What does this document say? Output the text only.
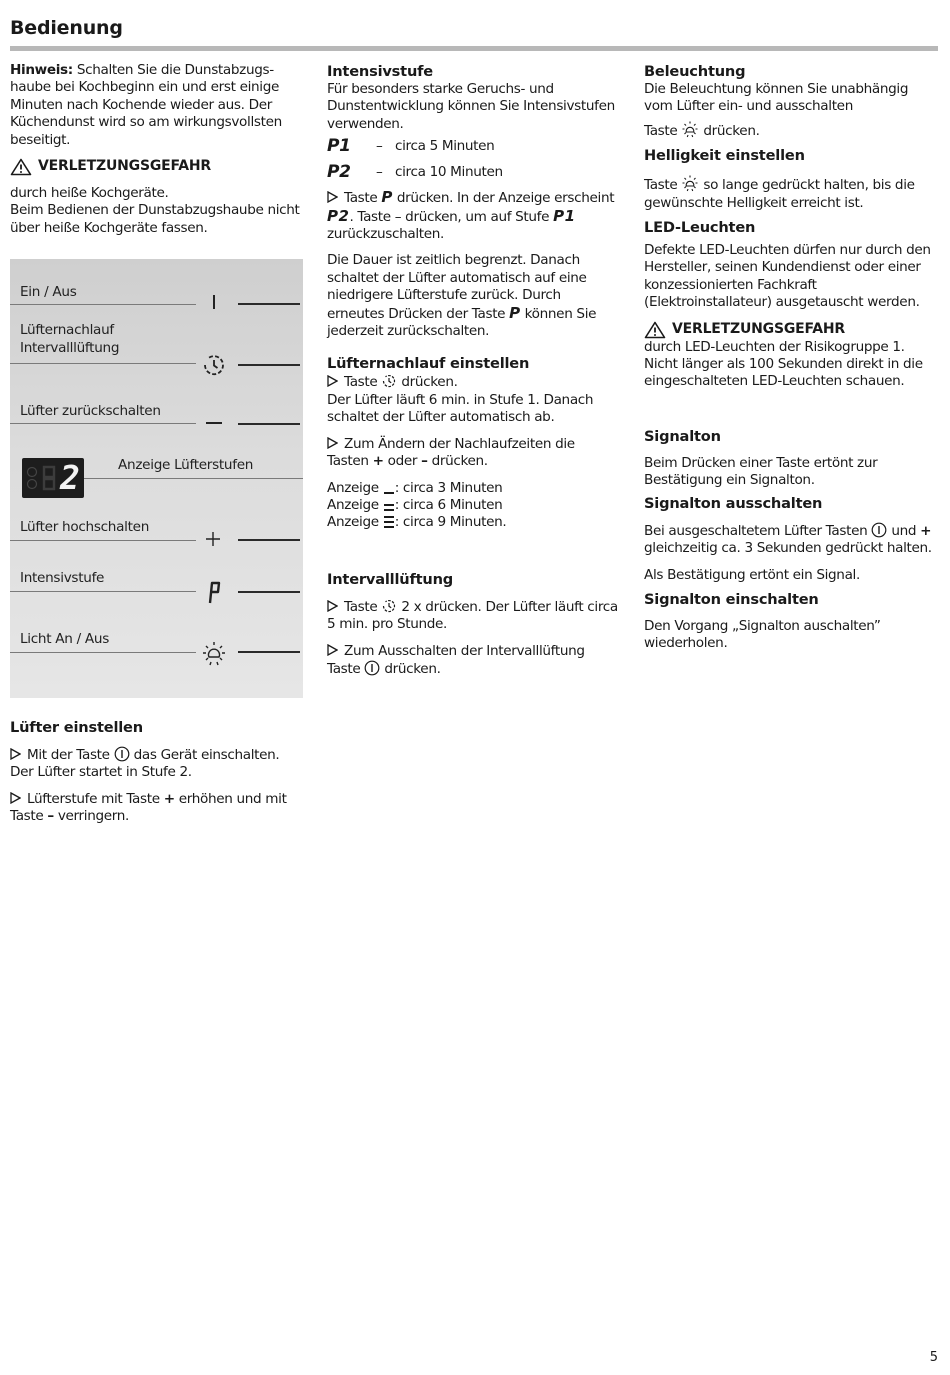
Bedienung

Hinweis: Schalten Sie die Dunstabzugs-haube bei Kochbeginn ein und erst einige Minuten nach Kochende wieder aus. Der Küchendunst wird so am wirkungsvollsten beseitigt.

VERLETZUNGSGEFAHR

durch heiße Kochgeräte.

Beim Bedienen der Dunstabzugshaube nicht über heiße Kochgeräte fassen.

Ein / Aus
Lüfternachlauf
Intervalllüftung
Lüfter zurückschalten
2	Anzeige Lüfterstufen
Lüfter hochschalten
Intensivstufe
Licht An / Aus
Lüfter einstellen

Mit der Taste  das Gerät einschalten. Der Lüfter startet in Stufe 2.

Lüfterstufe mit Taste + erhöhen und mit Taste – verringern.

Intensivstufe

Für besonders starke Geruchs- und Dunstentwicklung können Sie Intensivstufen verwenden.

P1	– circa 5 Minuten
P2	– circa 10 Minuten

Taste P drücken. In der Anzeige erscheint P2. Taste – drücken, um auf Stufe P1 zurückzuschalten.

Die Dauer ist zeitlich begrenzt. Danach schaltet der Lüfter automatisch auf eine niedrigere Lüfterstufe zurück. Durch erneutes Drücken der Taste P können Sie jederzeit zurückschalten.

Lüfternachlauf einstellen

Taste  drücken.

Der Lüfter läuft 6 min. in Stufe 1. Danach schaltet der Lüfter automatisch ab.

Zum Ändern der Nachlaufzeiten die Tasten + oder – drücken.

Anzeige : circa 3 Minuten

Anzeige : circa 6 Minuten

Anzeige : circa 9 Minuten.

Intervalllüftung

Taste  2 x drücken. Der Lüfter läuft circa 5 min. pro Stunde.

Zum Ausschalten der Intervalllüftung Taste  drücken.

Beleuchtung

Die Beleuchtung können Sie unabhängig vom Lüfter ein- und ausschalten

Taste  drücken.

Helligkeit einstellen

Taste  so lange gedrückt halten, bis die gewünschte Helligkeit erreicht ist.

LED-Leuchten

Defekte LED-Leuchten dürfen nur durch den Hersteller, seinen Kundendienst oder einer konzessionierten Fachkraft (Elektroinstallateur) ausgetauscht werden.

VERLETZUNGSGEFAHR

durch LED-Leuchten der Risikogruppe 1. Nicht länger als 100 Sekunden direkt in die eingeschalteten LED-Leuchten schauen.

Signalton

Beim Drücken einer Taste ertönt zur Bestätigung ein Signalton.

Signalton ausschalten

Bei ausgeschaltetem Lüfter Tasten  und + gleichzeitig ca. 3 Sekunden gedrückt halten.

Als Bestätigung ertönt ein Signal.

Signalton einschalten

Den Vorgang „Signalton auschalten” wiederholen.

5
